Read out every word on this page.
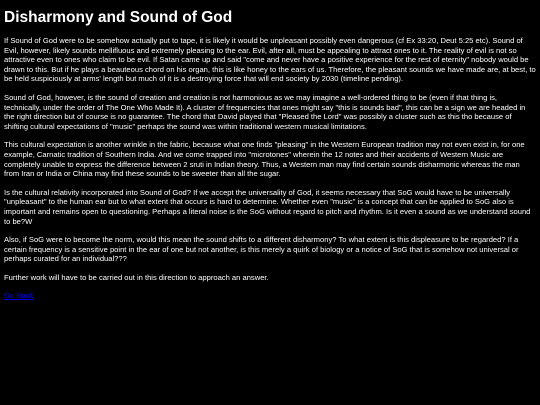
Disharmony and Sound of God

If Sound of God were to be somehow actually put to tape, it is likely it would be unpleasant possibly even dangerous (cf Ex 33:20, Deut 5:25 etc). Sound of Evil, however, likely sounds mellifluous and extremely pleasing to the ear. Evil, after all, must be appealing to attract ones to it. The reality of evil is not so attractive even to ones who claim to be evil. If Satan came up and said "come and never have a positive experience for the rest of eternity" nobody would be drawn to this. But if he plays a beauteous chord on his organ, this is like honey to the ears of us. Therefore, the pleasant sounds we have made are, at best, to be held suspiciously at arms' length but much of it is a destroying force that will end society by 2030 (timeline pending).

Sound of God, however, is the sound of creation and creation is not harmonious as we may imagine a well-ordered thing to be (even if that thing is, technically, under the order of The One Who Made It). A cluster of frequencies that ones might say "this is sounds bad", this can be a sign we are headed in the right direction but of course is no guarantee. The chord that David played that "Pleased the Lord" was possibly a cluster such as this tho because of shifting cultural expectations of "music" perhaps the sound was within traditional western musical limitations.

This cultural expectation is another wrinkle in the fabric, because what one finds "pleasing" in the Western European tradition may not even exist in, for one example, Carnatic tradition of Southern India. And we come trapped into "microtones" wherein the 12 notes and their accidents of Western Music are completely unable to express the difference between 2 sruti in Indian theory. Thus, a Western man may find certain sounds disharmonic whereas the man from Iran or India or China may find these sounds to be sweeter than all the sugar.

Is the cultural relativity incorporated into Sound of God? If we accept the universality of God, it seems necessary that SoG would have to be universally "unpleasant" to the human ear but to what extent that occurs is hard to determine. Whether even "music" is a concept that can be applied to SoG also is important and remains open to questioning. Perhaps a literal noise is the SoG without regard to pitch and rhythm. Is it even a sound as we understand sound to be?W

Also, if SoG were to become the norm, would this mean the sound shifts to a different disharmony? To what extent is this displeasure to be regarded? If a certain frequency is a sensitive point in the ear of one but not another, is this merely a quirk of biology or a notice of SoG that is somehow not universal or perhaps curated for an individual???

Further work will have to be carried out in this direction to approach an answer.

Go Back
